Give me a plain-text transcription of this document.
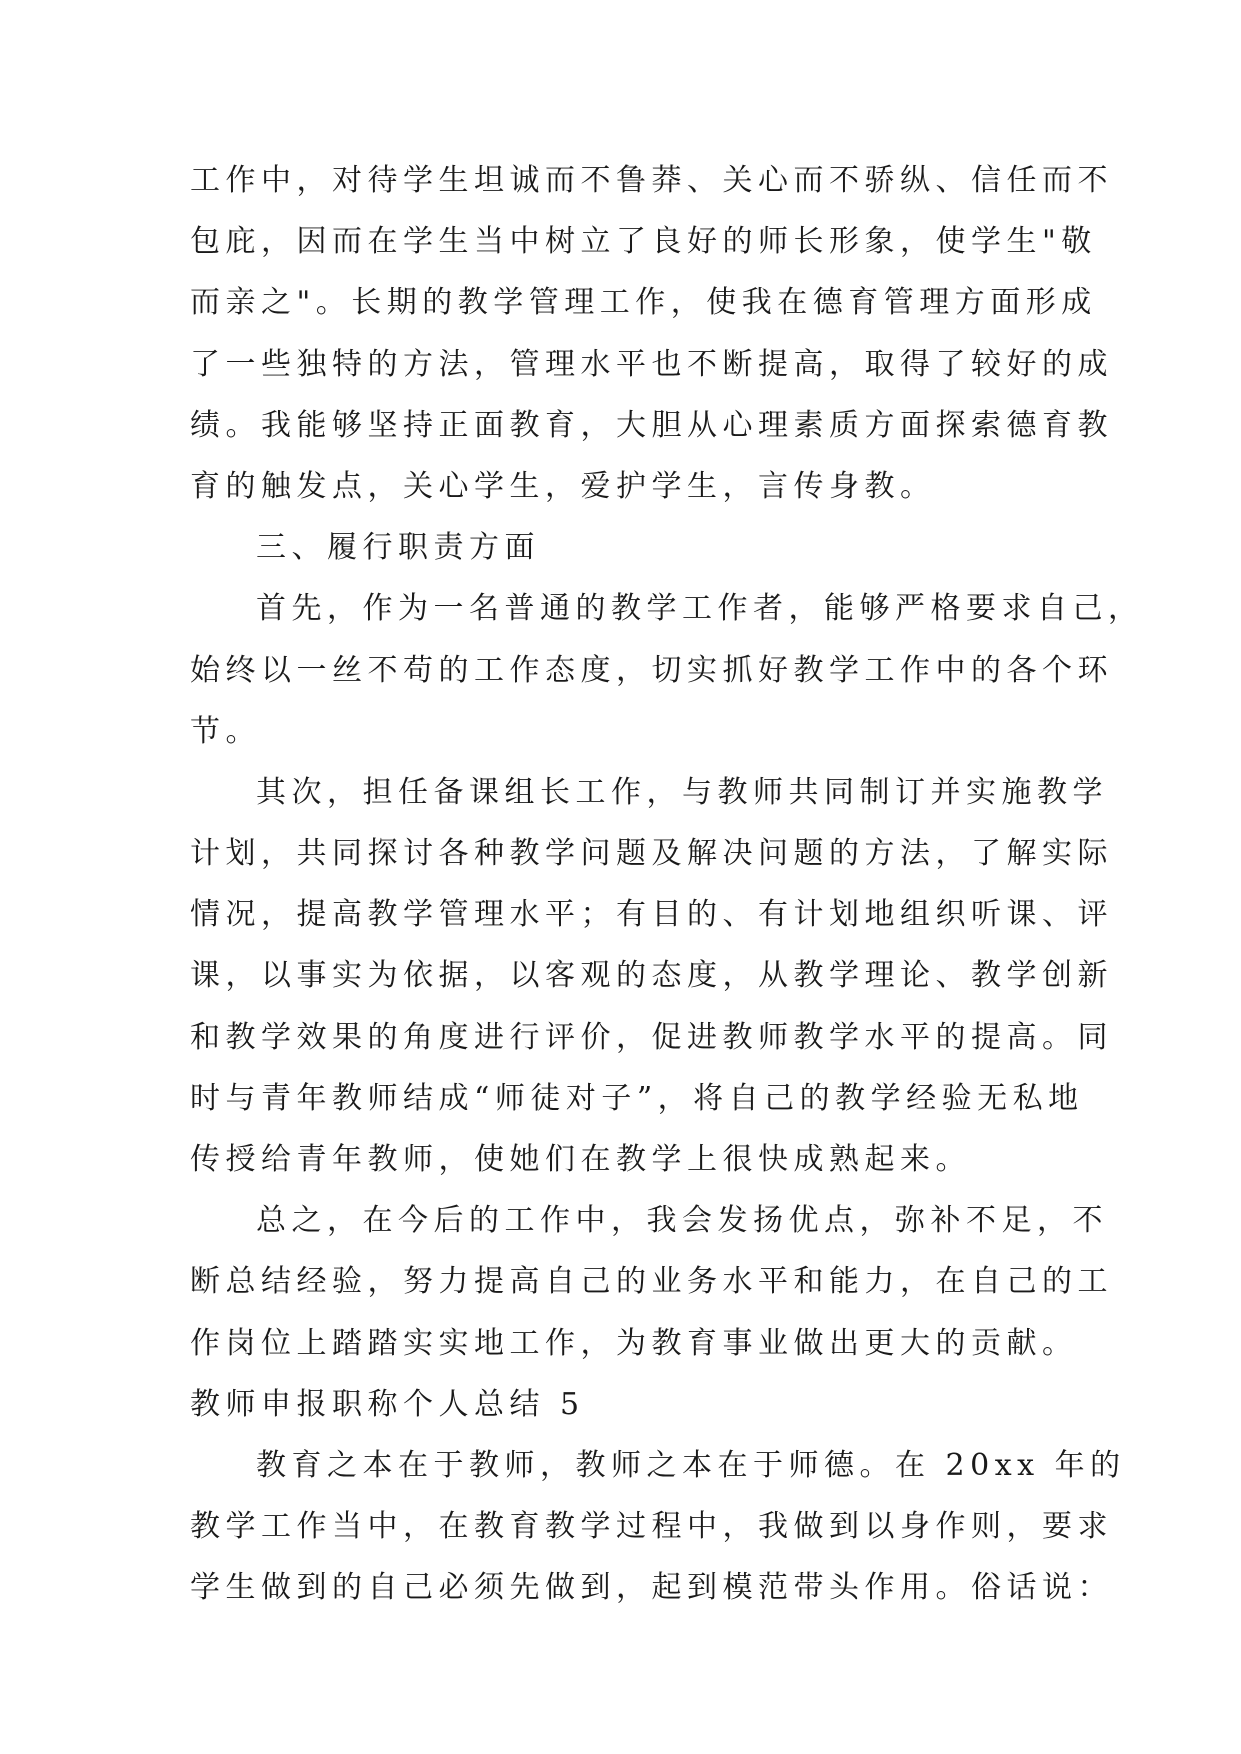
工作中，对待学生坦诚而不鲁莽、关心而不骄纵、信任而不
包庇，因而在学生当中树立了良好的师长形象，使学生"敬
而亲之"。长期的教学管理工作，使我在德育管理方面形成
了一些独特的方法，管理水平也不断提高，取得了较好的成
绩。我能够坚持正面教育，大胆从心理素质方面探索德育教
育的触发点，关心学生，爱护学生，言传身教。
三、履行职责方面
首先，作为一名普通的教学工作者，能够严格要求自己，
始终以一丝不苟的工作态度，切实抓好教学工作中的各个环
节。
其次，担任备课组长工作，与教师共同制订并实施教学
计划，共同探讨各种教学问题及解决问题的方法，了解实际
情况，提高教学管理水平；有目的、有计划地组织听课、评
课，以事实为依据，以客观的态度，从教学理论、教学创新
和教学效果的角度进行评价，促进教师教学水平的提高。同
时与青年教师结成“师徒对子”，将自己的教学经验无私地
传授给青年教师，使她们在教学上很快成熟起来。
总之，在今后的工作中，我会发扬优点，弥补不足，不
断总结经验，努力提高自己的业务水平和能力，在自己的工
作岗位上踏踏实实地工作，为教育事业做出更大的贡献。
教师申报职称个人总结 5
教育之本在于教师，教师之本在于师德。在 20xx 年的
教学工作当中，在教育教学过程中，我做到以身作则，要求
学生做到的自己必须先做到，起到模范带头作用。俗话说：
